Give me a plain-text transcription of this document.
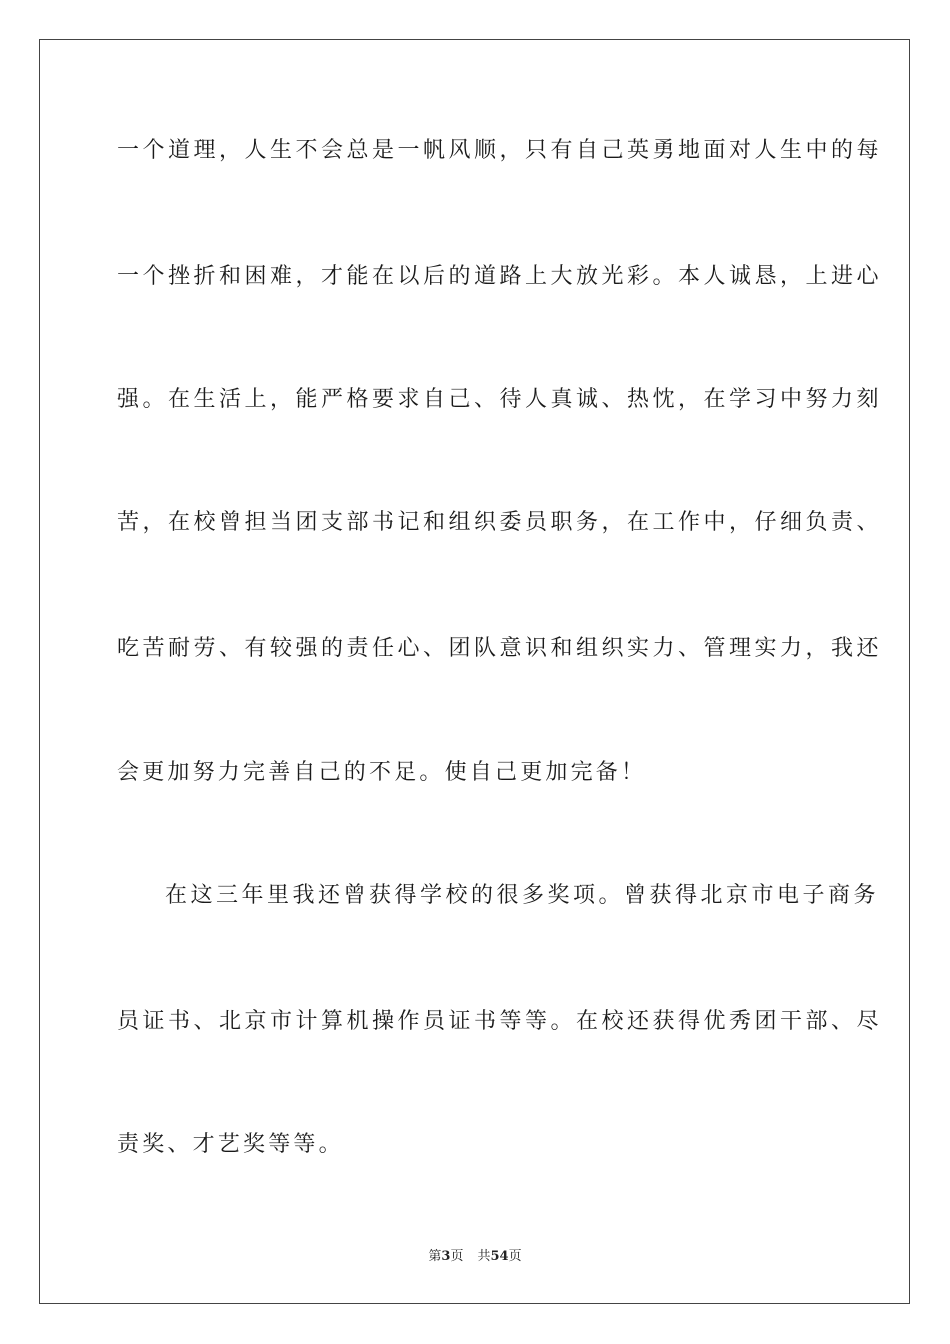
一个道理，人生不会总是一帆风顺，只有自己英勇地面对人生中的每
一个挫折和困难，才能在以后的道路上大放光彩。本人诚恳，上进心
强。在生活上，能严格要求自己、待人真诚、热忱，在学习中努力刻
苦，在校曾担当团支部书记和组织委员职务，在工作中，仔细负责、
吃苦耐劳、有较强的责任心、团队意识和组织实力、管理实力，我还
会更加努力完善自己的不足。使自己更加完备！
在这三年里我还曾获得学校的很多奖项。曾获得北京市电子商务
员证书、北京市计算机操作员证书等等。在校还获得优秀团干部、尽
责奖、才艺奖等等。
第3页 共54页
